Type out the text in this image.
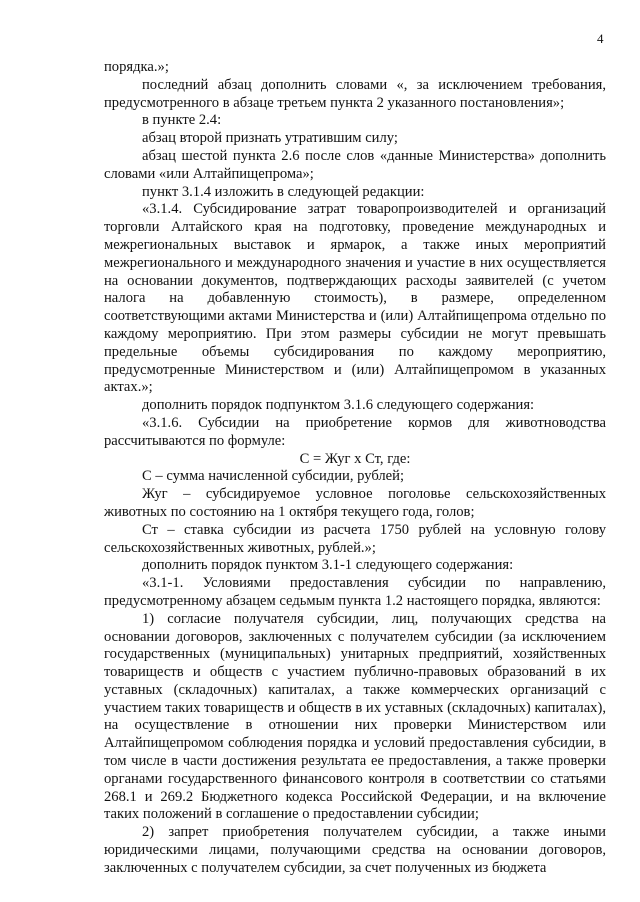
4

порядка.»;

последний абзац дополнить словами «, за исключением требования, предусмотренного в абзаце третьем пункта 2 указанного постановления»;

в пункте 2.4:

абзац второй признать утратившим силу;

абзац шестой пункта 2.6 после слов «данные Министерства» дополнить словами «или Алтайпищепрома»;

пункт 3.1.4 изложить в следующей редакции:

«3.1.4. Субсидирование затрат товаропроизводителей и организаций торговли Алтайского края на подготовку, проведение международных и межрегиональных выставок и ярмарок, а также иных мероприятий межрегионального и международного значения и участие в них осуществляется на основании документов, подтверждающих расходы заявителей (с учетом налога на добавленную стоимость), в размере, определенном соответствующими актами Министерства и (или) Алтайпищепрома отдельно по каждому мероприятию. При этом размеры субсидии не могут превышать предельные объемы субсидирования по каждому мероприятию, предусмотренные Министерством и (или) Алтайпищепромом в указанных актах.»;

дополнить порядок подпунктом 3.1.6 следующего содержания:

«3.1.6. Субсидии на приобретение кормов для животноводства рассчитываются по формуле:

С = Жуг х Ст, где:

С – сумма начисленной субсидии, рублей;

Жуг – субсидируемое условное поголовье сельскохозяйственных животных по состоянию на 1 октября текущего года, голов;

Ст – ставка субсидии из расчета 1750 рублей на условную голову сельскохозяйственных животных, рублей.»;

дополнить порядок пунктом 3.1-1 следующего содержания:

«3.1-1. Условиями предоставления субсидии по направлению, предусмотренному абзацем седьмым пункта 1.2 настоящего порядка, являются:

1) согласие получателя субсидии, лиц, получающих средства на основании договоров, заключенных с получателем субсидии (за исключением государственных (муниципальных) унитарных предприятий, хозяйственных товариществ и обществ с участием публично-правовых образований в их уставных (складочных) капиталах, а также коммерческих организаций с участием таких товариществ и обществ в их уставных (складочных) капиталах), на осуществление в отношении них проверки Министерством или Алтайпищепромом соблюдения порядка и условий предоставления субсидии, в том числе в части достижения результата ее предоставления, а также проверки органами государственного финансового контроля в соответствии со статьями 268.1 и 269.2 Бюджетного кодекса Российской Федерации, и на включение таких положений в соглашение о предоставлении субсидии;

2) запрет приобретения получателем субсидии, а также иными юридическими лицами, получающими средства на основании договоров, заключенных с получателем субсидии, за счет полученных из бюджета
